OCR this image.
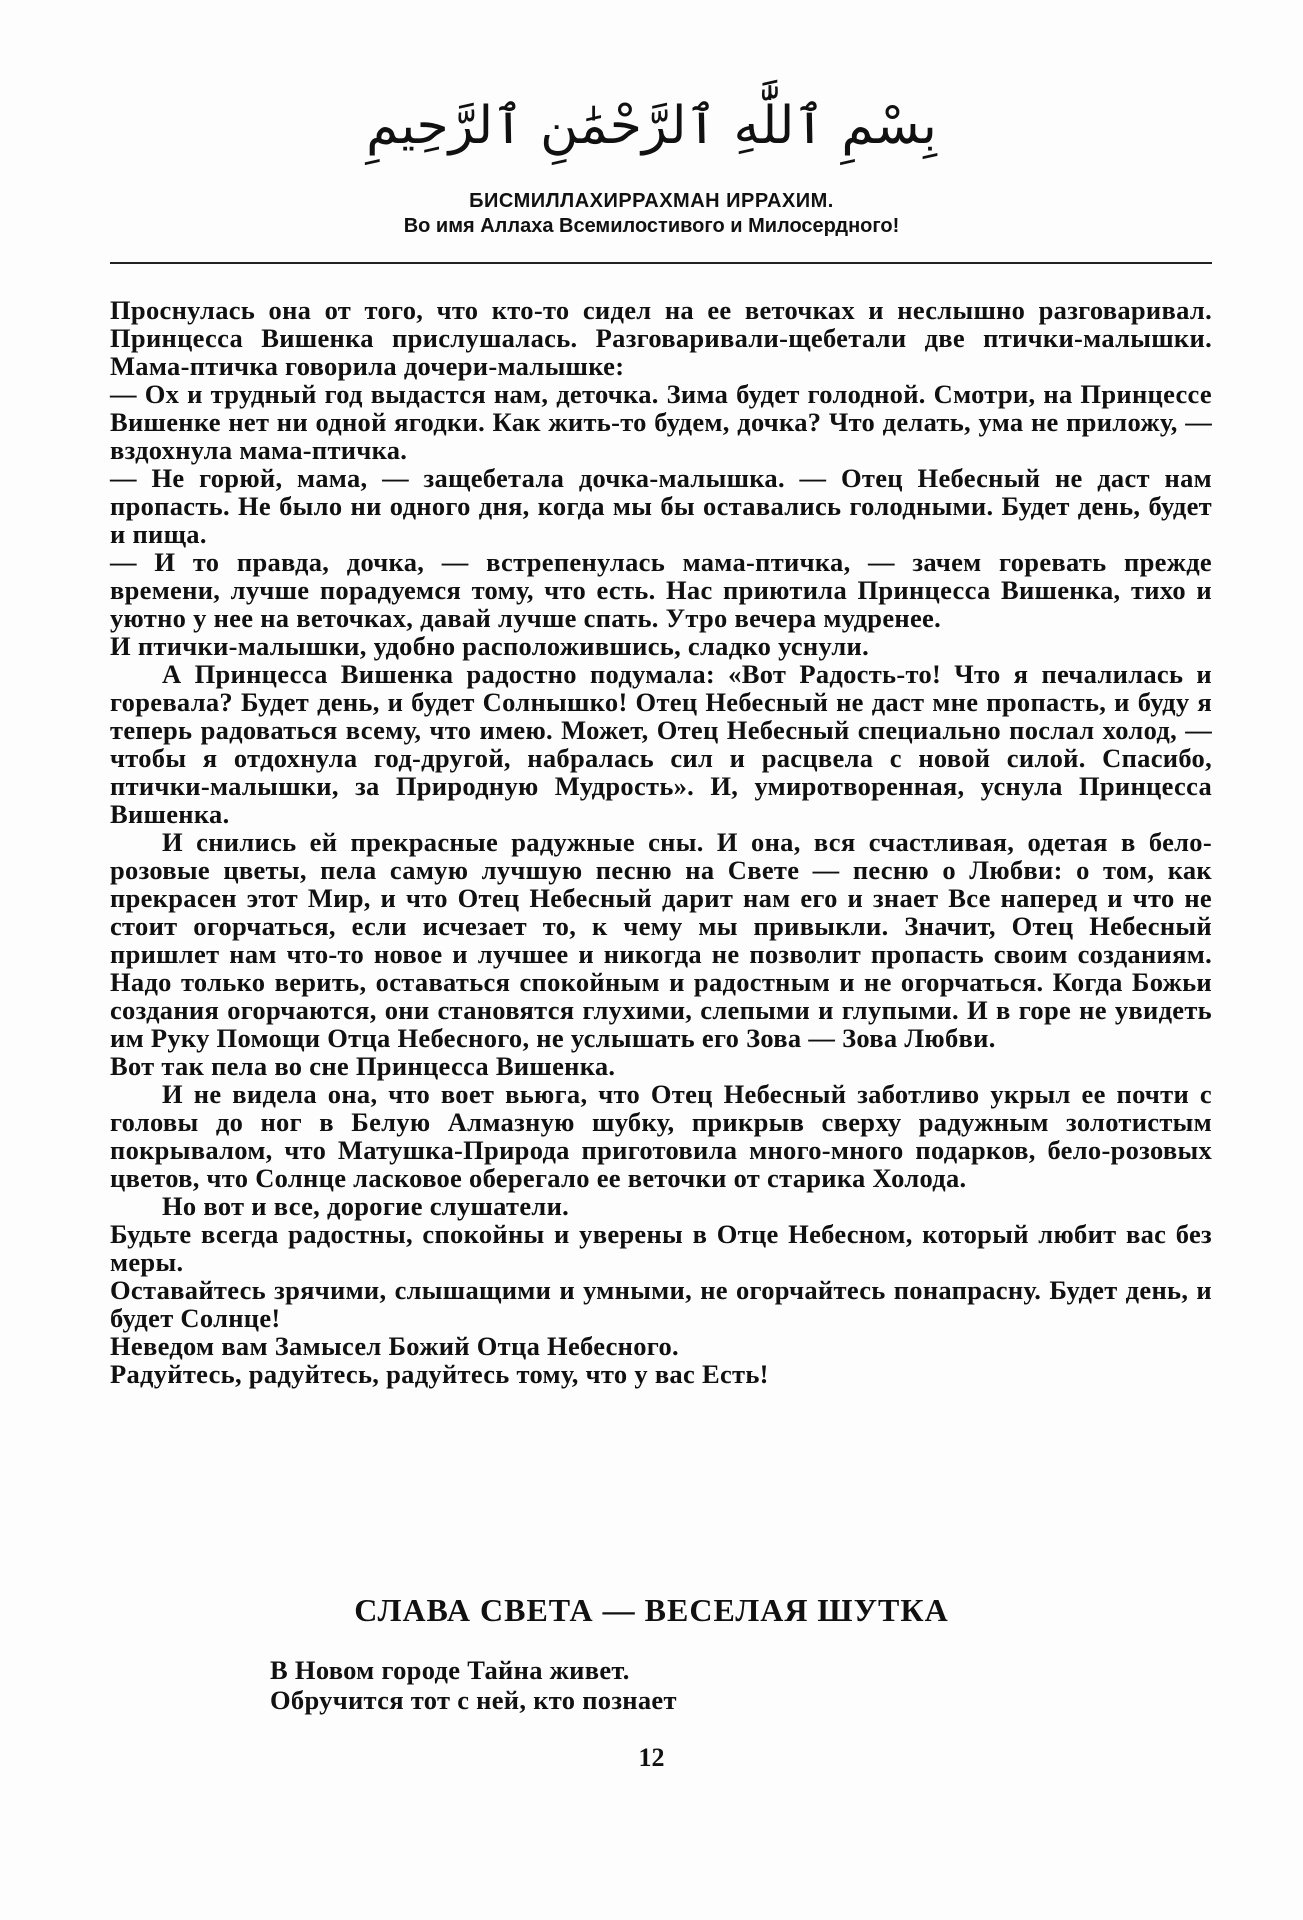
بِسْمِ ٱللَّٰهِ ٱلرَّحْمَٰنِ ٱلرَّحِيمِ
БИСМИЛЛАХИРРАХМАН ИРРАХИМ.
Во имя Аллаха Всемилостивого и Милосердного!

Проснулась она от того, что кто-то сидел на ее веточках и неслышно разговаривал. Принцесса Вишенка прислушалась. Разговаривали-щебетали две птички-малышки. Мама-птичка говорила дочери-малышке:

— Ох и трудный год выдастся нам, деточка. Зима будет голодной. Смотри, на Принцессе Вишенке нет ни одной ягодки. Как жить-то будем, дочка? Что делать, ума не приложу, — вздохнула мама-птичка.

— Не горюй, мама, — защебетала дочка-малышка. — Отец Небесный не даст нам пропасть. Не было ни одного дня, когда мы бы оставались голодными. Будет день, будет и пища.

— И то правда, дочка, — встрепенулась мама-птичка, — зачем горевать прежде времени, лучше порадуемся тому, что есть. Нас приютила Принцесса Вишенка, тихо и уютно у нее на веточках, давай лучше спать. Утро вечера мудренее.

И птички-малышки, удобно расположившись, сладко уснули.

А Принцесса Вишенка радостно подумала: «Вот Радость-то! Что я печалилась и горевала? Будет день, и будет Солнышко! Отец Небесный не даст мне пропасть, и буду я теперь радоваться всему, что имею. Может, Отец Небесный специально послал холод, — чтобы я отдохнула год-другой, набралась сил и расцвела с новой силой. Спасибо, птички-малышки, за Природную Мудрость». И, умиротворенная, уснула Принцесса Вишенка.

И снились ей прекрасные радужные сны. И она, вся счастливая, одетая в бело-розовые цветы, пела самую лучшую песню на Свете — песню о Любви: о том, как прекрасен этот Мир, и что Отец Небесный дарит нам его и знает Все наперед и что не стоит огорчаться, если исчезает то, к чему мы привыкли. Значит, Отец Небесный пришлет нам что-то новое и лучшее и никогда не позволит пропасть своим созданиям. Надо только верить, оставаться спокойным и радостным и не огорчаться. Когда Божьи создания огорчаются, они становятся глухими, слепыми и глупыми. И в горе не увидеть им Руку Помощи Отца Небесного, не услышать его Зова — Зова Любви.

Вот так пела во сне Принцесса Вишенка.

И не видела она, что воет вьюга, что Отец Небесный заботливо укрыл ее почти с головы до ног в Белую Алмазную шубку, прикрыв сверху радужным золотистым покрывалом, что Матушка-Природа приготовила много-много подарков, бело-розовых цветов, что Солнце ласковое оберегало ее веточки от старика Холода.

Но вот и все, дорогие слушатели.

Будьте всегда радостны, спокойны и уверены в Отце Небесном, который любит вас без меры.

Оставайтесь зрячими, слышащими и умными, не огорчайтесь понапрасну. Будет день, и будет Солнце!

Неведом вам Замысел Божий Отца Небесного.

Радуйтесь, радуйтесь, радуйтесь тому, что у вас Есть!

СЛАВА СВЕТА — ВЕСЕЛАЯ ШУТКА
В Новом городе Тайна живет.
Обручится тот с ней, кто познает
12
